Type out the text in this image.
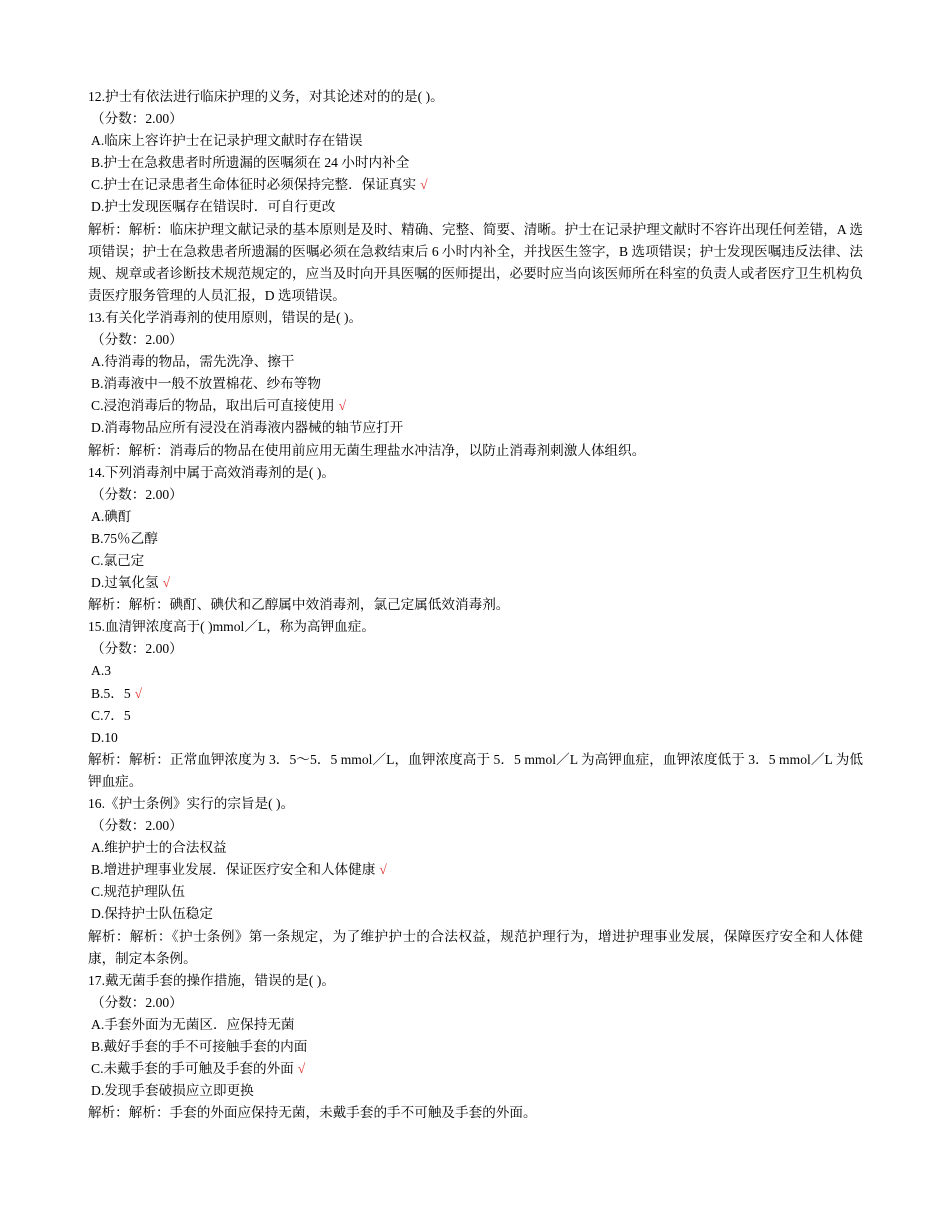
12.护士有依法进行临床护理的义务，对其论述对的的是( )。
（分数：2.00）
A.临床上容许护士在记录护理文献时存在错误
B.护士在急救患者时所遗漏的医嘱须在 24 小时内补全
C.护士在记录患者生命体征时必须保持完整．保证真实 √
D.护士发现医嘱存在错误时．可自行更改
解析：解析：临床护理文献记录的基本原则是及时、精确、完整、简要、清晰。护士在记录护理文献时不容许出现任何差错，A 选项错误；护士在急救患者所遗漏的医嘱必须在急救结束后 6 小时内补全，并找医生签字，B 选项错误；护士发现医嘱违反法律、法规、规章或者诊断技术规范规定的，应当及时向开具医嘱的医师提出，必要时应当向该医师所在科室的负责人或者医疗卫生机构负责医疗服务管理的人员汇报，D 选项错误。
13.有关化学消毒剂的使用原则，错误的是( )。
（分数：2.00）
A.待消毒的物品，需先洗净、擦干
B.消毒液中一般不放置棉花、纱布等物
C.浸泡消毒后的物品，取出后可直接使用 √
D.消毒物品应所有浸没在消毒液内器械的轴节应打开
解析：解析：消毒后的物品在使用前应用无菌生理盐水冲洁净，以防止消毒剂刺激人体组织。
14.下列消毒剂中属于高效消毒剂的是( )。
（分数：2.00）
A.碘酊
B.75％乙醇
C.氯己定
D.过氧化氢 √
解析：解析：碘酊、碘伏和乙醇属中效消毒剂，氯己定属低效消毒剂。
15.血清钾浓度高于( )mmol／L，称为高钾血症。
（分数：2.00）
A.3
B.5．5 √
C.7．5
D.10
解析：解析：正常血钾浓度为 3．5～5．5 mmol／L，血钾浓度高于 5．5 mmol／L 为高钾血症，血钾浓度低于 3．5 mmol／L 为低钾血症。
16.《护士条例》实行的宗旨是( )。
（分数：2.00）
A.维护护士的合法权益
B.增进护理事业发展．保证医疗安全和人体健康 √
C.规范护理队伍
D.保持护士队伍稳定
解析：解析：《护士条例》第一条规定，为了维护护士的合法权益，规范护理行为，增进护理事业发展，保障医疗安全和人体健康，制定本条例。
17.戴无菌手套的操作措施，错误的是( )。
（分数：2.00）
A.手套外面为无菌区．应保持无菌
B.戴好手套的手不可接触手套的内面
C.未戴手套的手可触及手套的外面 √
D.发现手套破损应立即更换
解析：解析：手套的外面应保持无菌，未戴手套的手不可触及手套的外面。
